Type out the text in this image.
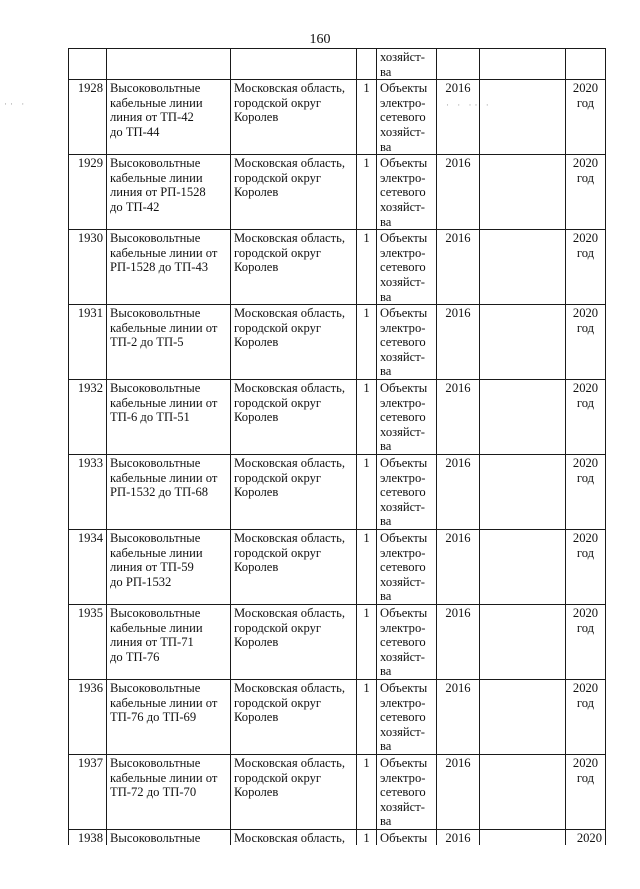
160
·· ·	· · ·· ·

				хозяйст-
ва			

1928	Высоковольтные
кабельные линии
линия от ТП-42
до ТП-44	Московская область,
городской округ
Королев	1	Объекты
электро-
сетевого
хозяйст-
ва	2016		2020
год

1929	Высоковольтные
кабельные линии
линия от РП-1528
до ТП-42	Московская область,
городской округ
Королев	1	Объекты
электро-
сетевого
хозяйст-
ва	2016		2020
год

1930	Высоковольтные
кабельные линии от
РП-1528 до ТП-43	Московская область,
городской округ
Королев	1	Объекты
электро-
сетевого
хозяйст-
ва	2016		2020
год

1931	Высоковольтные
кабельные линии от
ТП-2 до ТП-5	Московская область,
городской округ
Королев	1	Объекты
электро-
сетевого
хозяйст-
ва	2016		2020
год

1932	Высоковольтные
кабельные линии от
ТП-6 до ТП-51	Московская область,
городской округ
Королев	1	Объекты
электро-
сетевого
хозяйст-
ва	2016		2020
год

1933	Высоковольтные
кабельные линии от
РП-1532 до ТП-68	Московская область,
городской округ
Королев	1	Объекты
электро-
сетевого
хозяйст-
ва	2016		2020
год

1934	Высоковольтные
кабельные линии
линия от ТП-59
до РП-1532	Московская область,
городской округ
Королев	1	Объекты
электро-
сетевого
хозяйст-
ва	2016		2020
год

1935	Высоковольтные
кабельные линии
линия от ТП-71
до ТП-76	Московская область,
городской округ
Королев	1	Объекты
электро-
сетевого
хозяйст-
ва	2016		2020
год

1936	Высоковольтные
кабельные линии от
ТП-76 до ТП-69	Московская область,
городской округ
Королев	1	Объекты
электро-
сетевого
хозяйст-
ва	2016		2020
год

1937	Высоковольтные
кабельные линии от
ТП-72 до ТП-70	Московская область,
городской округ
Королев	1	Объекты
электро-
сетевого
хозяйст-
ва	2016		2020
год

1938	Высоковольтные	Московская область,	1	Объекты	2016		2020
